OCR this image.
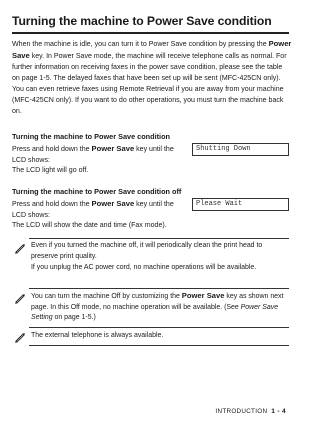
Turning the machine to Power Save condition

When the machine is idle, you can turn it to Power Save condition by pressing the Power Save key. In Power Save mode, the machine will receive telephone calls as normal. For further information on receiving faxes in the power save condition, please see the table on page 1-5. The delayed faxes that have been set up will be sent (MFC-425CN only). You can even retrieve faxes using Remote Retrieval if you are away from your machine (MFC-425CN only). If you want to do other operations, you must turn the machine back on.

Turning the machine to Power Save condition

Press and hold down the Power Save key until the LCD shows:

Shutting Down

The LCD light will go off.

Turning the machine to Power Save condition off

Press and hold down the Power Save key until the LCD shows:

Please Wait

The LCD will show the date and time (Fax mode).

Even if you turned the machine off, it will periodically clean the print head to preserve print quality.

If you unplug the AC power cord, no machine operations will be available.

You can turn the machine Off by customizing the Power Save key as shown next page. In this Off mode, no machine operation will be available. (See Power Save Setting on page 1-5.)

The external telephone is always available.

INTRODUCTION 1 - 4
